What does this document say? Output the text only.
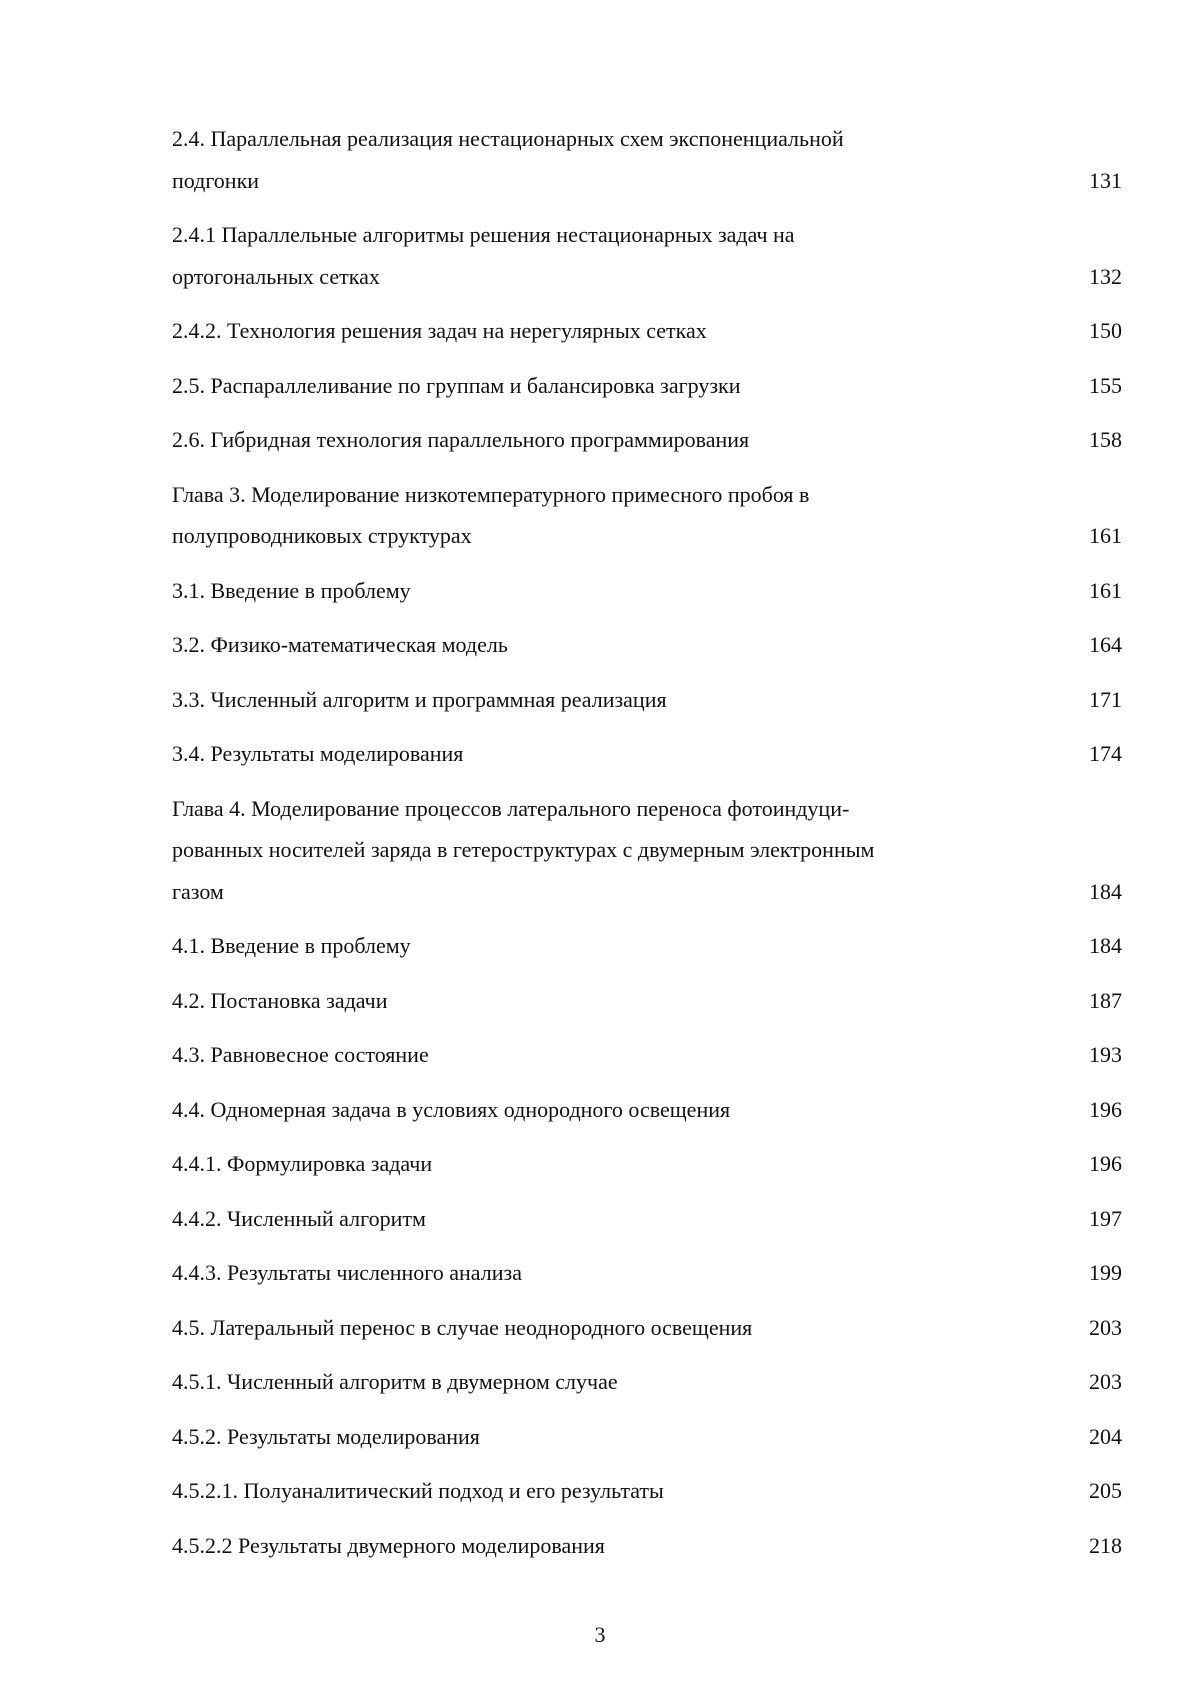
2.4. Параллельная реализация нестационарных схем экспоненциальной
подгонки	131
2.4.1 Параллельные алгоритмы решения нестационарных задач на
ортогональных сетках	132
2.4.2. Технология решения задач на нерегулярных сетках	150
2.5. Распараллеливание по группам и балансировка загрузки	155
2.6. Гибридная технология параллельного программирования	158
Глава 3. Моделирование низкотемпературного примесного пробоя в
полупроводниковых структурах	161
3.1. Введение в проблему	161
3.2. Физико-математическая модель	164
3.3. Численный алгоритм и программная реализация	171
3.4. Результаты моделирования	174
Глава 4. Моделирование процессов латерального переноса фотоиндуци-
рованных носителей заряда в гетероструктурах с двумерным электронным
газом	184
4.1. Введение в проблему	184
4.2. Постановка задачи	187
4.3. Равновесное состояние	193
4.4. Одномерная задача в условиях однородного освещения	196
4.4.1. Формулировка задачи	196
4.4.2. Численный алгоритм	197
4.4.3. Результаты численного анализа	199
4.5. Латеральный перенос в случае неоднородного освещения	203
4.5.1. Численный алгоритм в двумерном случае	203
4.5.2. Результаты моделирования	204
4.5.2.1. Полуаналитический подход и его результаты	205
4.5.2.2 Результаты двумерного моделирования	218
3
